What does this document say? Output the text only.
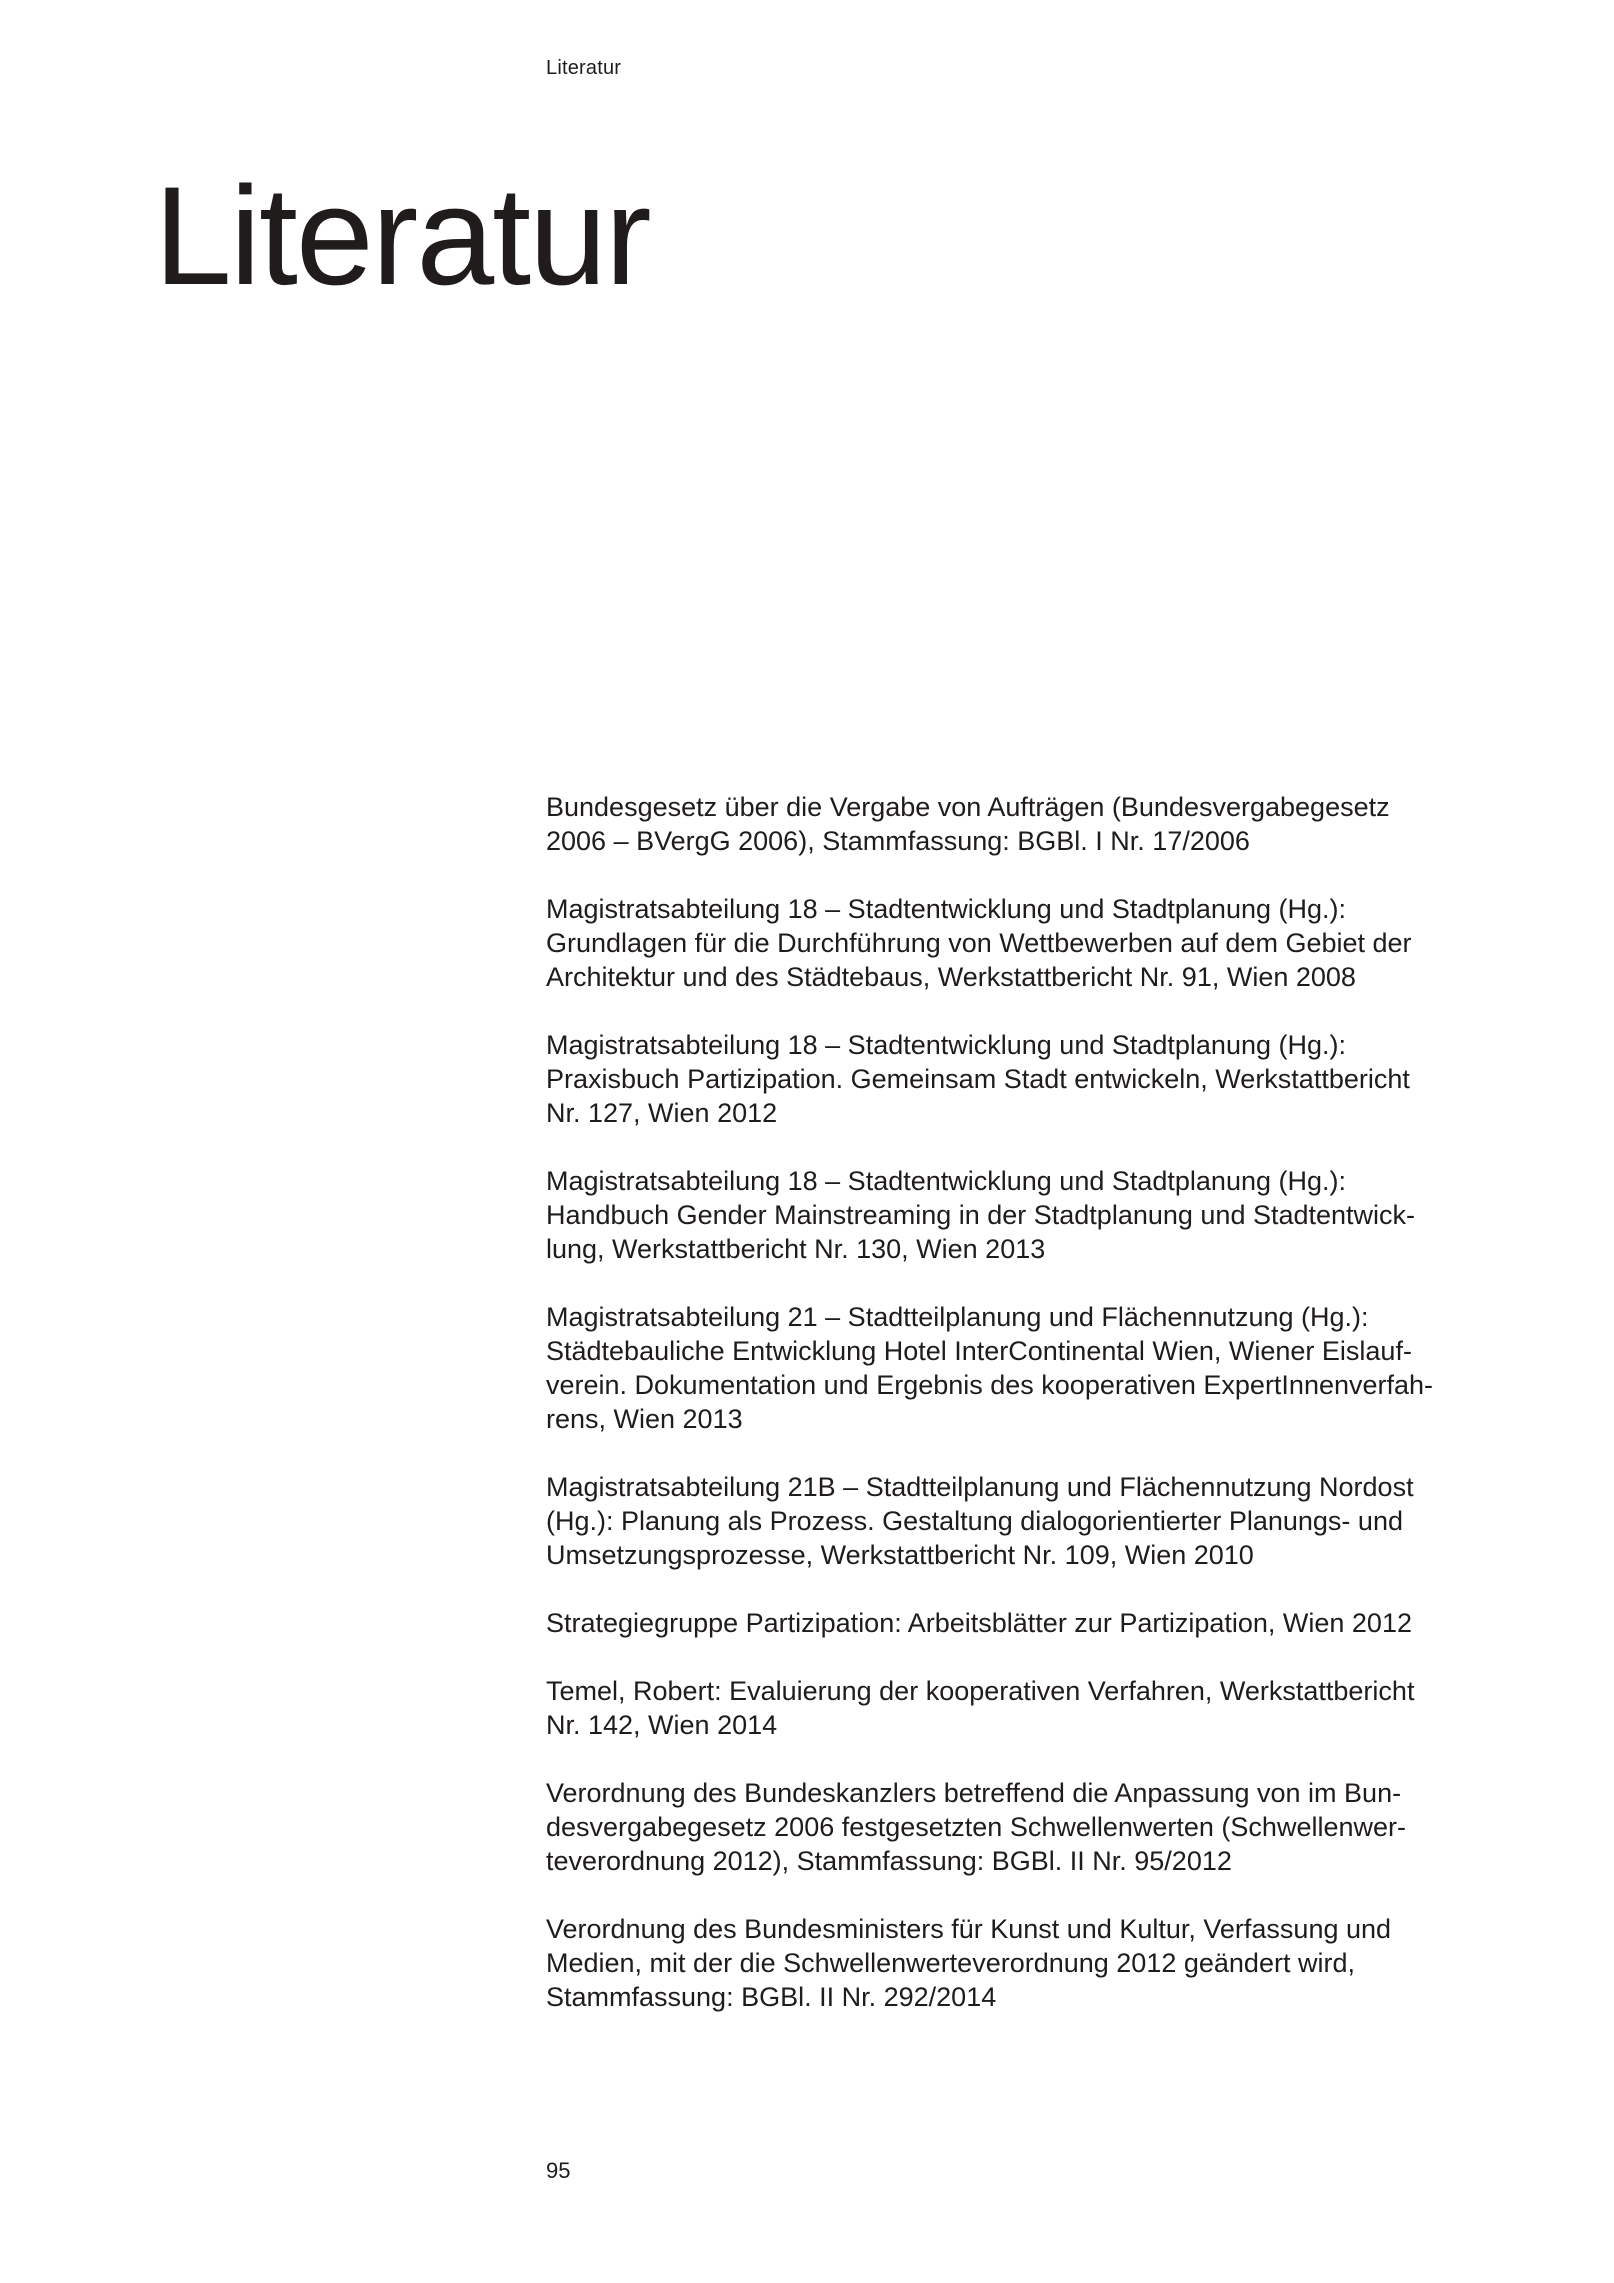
Literatur
Literatur
Bundesgesetz über die Vergabe von Aufträgen (Bundesvergabegesetz
2006 – BVergG 2006), Stammfassung: BGBl. I Nr. 17/2006
Magistratsabteilung 18 – Stadtentwicklung und Stadtplanung (Hg.):
Grundlagen für die Durchführung von Wettbewerben auf dem Gebiet der
Architektur und des Städtebaus, Werkstattbericht Nr. 91, Wien 2008
Magistratsabteilung 18 – Stadtentwicklung und Stadtplanung (Hg.):
Praxisbuch Partizipation. Gemeinsam Stadt entwickeln, Werkstattbericht
Nr. 127, Wien 2012
Magistratsabteilung 18 – Stadtentwicklung und Stadtplanung (Hg.):
Handbuch Gender Mainstreaming in der Stadtplanung und Stadtentwick-
lung, Werkstattbericht Nr. 130, Wien 2013
Magistratsabteilung 21 – Stadtteilplanung und Flächennutzung (Hg.):
Städtebauliche Entwicklung Hotel InterContinental Wien, Wiener Eislauf-
verein. Dokumentation und Ergebnis des kooperativen ExpertInnenverfah-
rens, Wien 2013
Magistratsabteilung 21B – Stadtteilplanung und Flächennutzung Nordost
(Hg.): Planung als Prozess. Gestaltung dialogorientierter Planungs- und
Umsetzungsprozesse, Werkstattbericht Nr. 109, Wien 2010
Strategiegruppe Partizipation: Arbeitsblätter zur Partizipation, Wien 2012
Temel, Robert: Evaluierung der kooperativen Verfahren, Werkstattbericht
Nr. 142, Wien 2014
Verordnung des Bundeskanzlers betreffend die Anpassung von im Bun-
desvergabegesetz 2006 festgesetzten Schwellenwerten (Schwellenwer-
teverordnung 2012), Stammfassung: BGBl. II Nr. 95/2012
Verordnung des Bundesministers für Kunst und Kultur, Verfassung und
Medien, mit der die Schwellenwerteverordnung 2012 geändert wird,
Stammfassung: BGBl. II Nr. 292/2014
95
